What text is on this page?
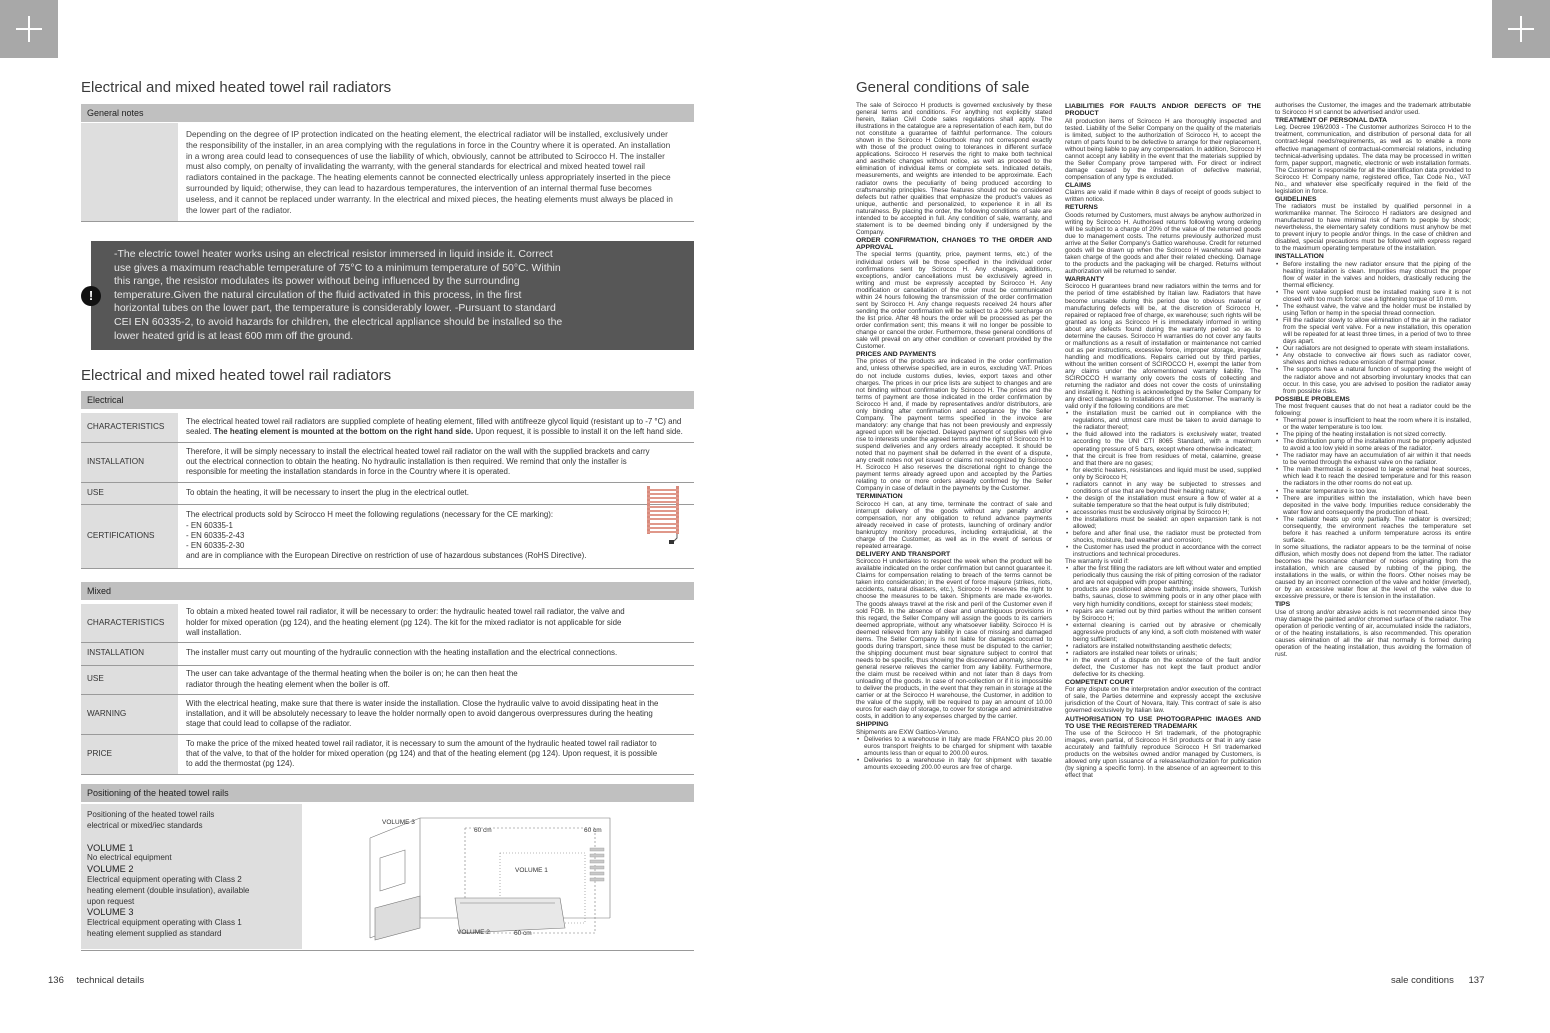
Electrical and mixed heated towel rail radiators
General notes
Depending on the degree of IP protection indicated on the heating element, the electrical radiator will be installed, exclusively under the responsibility of the installer, in an area complying with the regulations in force in the Country where it is operated. An installation in a wrong area could lead to consequences of use the liability of which, obviously, cannot be attributed to Scirocco H. The installer must also comply, on penalty of invalidating the warranty, with the general standards for electrical and mixed heated towel rail radiators contained in the package. The heating elements cannot be connected electrically unless appropriately inserted in the piece surrounded by liquid; otherwise, they can lead to hazardous temperatures, the intervention of an internal thermal fuse becomes useless, and it cannot be replaced under warranty. In the electrical and mixed pieces, the heating elements must always be placed in the lower part of the radiator.
-The electric towel heater works using an electrical resistor immersed in liquid inside it. Correct use gives a maximum reachable temperature of 75°C to a minimum temperature of 50°C. Within this range, the resistor modulates its power without being influenced by the surrounding temperature.Given the natural circulation of the fluid activated in this process, in the first horizontal tubes on the lower part, the temperature is considerably lower. -Pursuant to standard CEI EN 60335-2, to avoid hazards for children, the electrical appliance should be installed so the lower heated grid is at least 600 mm off the ground.
!
Electrical and mixed heated towel rail radiators
Electrical
CHARACTERISTICS	The electrical heated towel rail radiators are supplied complete of heating element, filled with antifreeze glycol liquid (resistant up to -7 °C) and sealed. The heating element is mounted at the bottom on the right hand side. Upon request, it is possible to install it on the left hand side.
INSTALLATION	Therefore, it will be simply necessary to install the electrical heated towel rail radiator on the wall with the supplied brackets and carry out the electrical connection to obtain the heating. No hydraulic installation is then required. We remind that only the installer is responsible for meeting the installation standards in force in the Country where it is operated.
USE	To obtain the heating, it will be necessary to insert the plug in the electrical outlet.
CERTIFICATIONS	The electrical products sold by Scirocco H meet the following regulations (necessary for the CE marking):
- EN 60335-1
- EN 60335-2-43
- EN 60335-2-30
and are in compliance with the European Directive on restriction of use of hazardous substances (RoHS Directive).
Mixed
CHARACTERISTICS	To obtain a mixed heated towel rail radiator, it will be necessary to order: the hydraulic heated towel rail radiator, the valve and holder for mixed operation (pg 124), and the heating element (pg 124). The kit for the mixed radiator is not applicable for side wall installation.
INSTALLATION	The installer must carry out mounting of the hydraulic connection with the heating installation and the electrical connections.
USE	The user can take advantage of the thermal heating when the boiler is on; he can then heat the radiator through the heating element when the boiler is off.
WARNING	With the electrical heating, make sure that there is water inside the installation. Close the hydraulic valve to avoid dissipating heat in the installation, and it will be absolutely necessary to leave the holder normally open to avoid dangerous overpressures during the heating stage that could lead to collapse of the radiator.
PRICE	To make the price of the mixed heated towel rail radiator, it is necessary to sum the amount of the hydraulic heated towel rail radiator to that of the valve, to that of the holder for mixed operation (pg 124) and that of the heating element (pg 124). Upon request, it is possible to add the thermostat (pg 124).
Positioning of the heated towel rails
Positioning of the heated towel rails electrical or mixed/iec standards
VOLUME 1
No electrical equipment
VOLUME 2
Electrical equipment operating with Class 2 heating element (double insulation), available upon request
VOLUME 3
Electrical equipment operating with Class 1 heating element supplied as standard
VOLUME 3
VOLUME 1
VOLUME 2
60 cm	60 cm
60 cm
136 technical details
General conditions of sale

The sale of Scirocco H products is governed exclusively by these general terms and conditions. For anything not explicitly stated herein, Italian Civil Code sales regulations shall apply. The illustrations in the catalogue are a representation of each item, but do not constitute a guarantee of faithful performance. The colours shown in the Scirocco H Colourbook may not correspond exactly with those of the product owing to tolerances in different surface applications. Scirocco H reserves the right to make both technical and aesthetic changes without notice, as well as proceed to the elimination of individual items or complete sets. Indicated details, measurements, and weights are intended to be approximate. Each radiator owns the peculiarity of being produced according to craftsmanship principles. These features should not be considered defects but rather qualities that emphasize the product's values as unique, authentic and personalized, to experience it in all its naturalness. By placing the order, the following conditions of sale are intended to be accepted in full. Any condition of sale, warranty, and statement is to be deemed binding only if undersigned by the Company.

ORDER CONFIRMATION, CHANGES TO THE ORDER AND APPROVAL

The special terms (quantity, price, payment terms, etc.) of the individual orders will be those specified in the individual order confirmations sent by Scirocco H. Any changes, additions, exceptions, and/or cancellations must be exclusively agreed in writing and must be expressly accepted by Scirocco H. Any modification or cancellation of the order must be communicated within 24 hours following the transmission of the order confirmation sent by Scirocco H. Any change requests received 24 hours after sending the order confirmation will be subject to a 20% surcharge on the list price. After 48 hours the order will be processed as per the order confirmation sent; this means it will no longer be possible to change or cancel the order. Furthermore, these general conditions of sale will prevail on any other condition or covenant provided by the Customer.

PRICES AND PAYMENTS

The prices of the products are indicated in the order confirmation and, unless otherwise specified, are in euros, excluding VAT. Prices do not include customs duties, levies, export taxes and other charges. The prices in our price lists are subject to changes and are not binding without confirmation by Scirocco H. The prices and the terms of payment are those indicated in the order confirmation by Scirocco H and, if made by representatives and/or distributors, are only binding after confirmation and acceptance by the Seller Company. The payment terms specified in the invoice are mandatory: any change that has not been previously and expressly agreed upon will be rejected. Delayed payment of supplies will give rise to interests under the agreed terms and the right of Scirocco H to suspend deliveries and any orders already accepted. It should be noted that no payment shall be deferred in the event of a dispute, any credit notes not yet issued or claims not recognized by Scirocco H. Scirocco H also reserves the discretional right to change the payment terms already agreed upon and accepted by the Parties relating to one or more orders already confirmed by the Seller Company in case of default in the payments by the Customer.

TERMINATION

Scirocco H can, at any time, terminate the contract of sale and interrupt delivery of the goods without any penalty and/or compensation, nor any obligation to refund advance payments already received in case of protests, launching of ordinary and/or bankruptcy monitory procedures, including extrajudicial, at the charge of the Customer, as well as in the event of serious or repeated arrearage.

DELIVERY AND TRANSPORT

Scirocco H undertakes to respect the week when the product will be available indicated on the order confirmation but cannot guarantee it. Claims for compensation relating to breach of the terms cannot be taken into consideration; in the event of force majeure (strikes, riots, accidents, natural disasters, etc.), Scirocco H reserves the right to choose the measures to be taken. Shipments are made ex-works. The goods always travel at the risk and peril of the Customer even if sold FOB. In the absence of clear and unambiguous provisions in this regard, the Seller Company will assign the goods to its carriers deemed appropriate, without any whatsoever liability. Scirocco H is deemed relieved from any liability in case of missing and damaged items. The Seller Company is not liable for damages occurred to goods during transport, since these must be disputed to the carrier; the shipping document must bear signature subject to control that needs to be specific, thus showing the discovered anomaly, since the general reserve relieves the carrier from any liability. Furthermore, the claim must be received within and not later than 8 days from unloading of the goods. In case of non-collection or if it is impossible to deliver the products, in the event that they remain in storage at the carrier or at the Scirocco H warehouse, the Customer, in addition to the value of the supply, will be required to pay an amount of 10.00 euros for each day of storage, to cover for storage and administrative costs, in addition to any expenses charged by the carrier.

SHIPPING

Shipments are EXW Gattico-Veruno.

• Deliveries to a warehouse in Italy are made FRANCO plus 20.00 euros transport freights to be charged for shipment with taxable amounts less than or equal to 200.00 euros.
• Deliveries to a warehouse in Italy for shipment with taxable amounts exceeding 200.00 euros are free of charge.
LIABILITIES FOR FAULTS AND/OR DEFECTS OF THE PRODUCT

All production items of Scirocco H are thoroughly inspected and tested. Liability of the Seller Company on the quality of the materials is limited, subject to the authorization of Scirocco H, to accept the return of parts found to be defective to arrange for their replacement, without being liable to pay any compensation. In addition, Scirocco H cannot accept any liability in the event that the materials supplied by the Seller Company prove tampered with. For direct or indirect damage caused by the installation of defective material, compensation of any type is excluded.

CLAIMS

Claims are valid if made within 8 days of receipt of goods subject to written notice.

RETURNS

Goods returned by Customers, must always be anyhow authorized in writing by Scirocco H. Authorised returns following wrong ordering will be subject to a charge of 20% of the value of the returned goods due to management costs. The returns previously authorized must arrive at the Seller Company's Gattico warehouse. Credit for returned goods will be drawn up when the Scirocco H warehouse will have taken charge of the goods and after their related checking. Damage to the products and the packaging will be charged. Returns without authorization will be returned to sender.

WARRANTY

Scirocco H guarantees brand new radiators within the terms and for the period of time established by Italian law. Radiators that have become unusable during this period due to obvious material or manufacturing defects will be, at the discretion of Scirocco H, repaired or replaced free of charge, ex warehouse; such rights will be granted as long as Scirocco H is immediately informed in writing about any defects found during the warranty period so as to determine the causes. Scirocco H warranties do not cover any faults or malfunctions as a result of installation or maintenance not carried out as per instructions, excessive force, improper storage, irregular handling and modifications. Repairs carried out by third parties, without the written consent of SCIROCCO H, exempt the latter from any claims under the aforementioned warranty liability. The SCIROCCO H warranty only covers the costs of collecting and returning the radiator and does not cover the costs of uninstalling and installing it. Nothing is acknowledged by the Seller Company for any direct damages to installations of the Customer. The warranty is valid only if the following conditions are met:

• the installation must be carried out in compliance with the regulations, and utmost care must be taken to avoid damage to the radiator thereof;
• the fluid allowed into the radiators is exclusively water, treated according to the UNI CTI 8065 Standard, with a maximum operating pressure of 5 bars, except where otherwise indicated;
• that the circuit is free from residues of metal, calamine, grease and that there are no gases;
• for electric heaters, resistances and liquid must be used, supplied only by Scirocco H;
• radiators cannot in any way be subjected to stresses and conditions of use that are beyond their heating nature;
• the design of the installation must ensure a flow of water at a suitable temperature so that the heat output is fully distributed;
• accessories must be exclusively original by Scirocco H;
• the installations must be sealed: an open expansion tank is not allowed;
• before and after final use, the radiator must be protected from shocks, moisture, bad weather and corrosion;
• the Customer has used the product in accordance with the correct instructions and technical procedures.

The warranty is void if:

• after the first filling the radiators are left without water and emptied periodically thus causing the risk of pitting corrosion of the radiator and are not equipped with proper earthing;
• products are positioned above bathtubs, inside showers, Turkish baths, saunas, close to swimming pools or in any other place with very high humidity conditions, except for stainless steel models;
• repairs are carried out by third parties without the written consent by Scirocco H;
• external cleaning is carried out by abrasive or chemically aggressive products of any kind, a soft cloth moistened with water being sufficient;
• radiators are installed notwithstanding aesthetic defects;
• radiators are installed near toilets or urinals;
• in the event of a dispute on the existence of the fault and/or defect, the Customer has not kept the fault product and/or defective for its checking.
COMPETENT COURT

For any dispute on the interpretation and/or execution of the contract of sale, the Parties determine and expressly accept the exclusive jurisdiction of the Court of Novara, Italy. This contract of sale is also governed exclusively by Italian law.

AUTHORISATION TO USE PHOTOGRAPHIC IMAGES AND TO USE THE REGISTERED TRADEMARK

The use of the Scirocco H Srl trademark, of the photographic images, even partial, of Scirocco H Srl products or that in any case accurately and faithfully reproduce Scirocco H Srl trademarked products on the websites owned and/or managed by Customers, is allowed only upon issuance of a release/authorization for publication (by signing a specific form). In the absence of an agreement to this effect that

authorises the Customer, the images and the trademark attributable to Scirocco H srl cannot be advertised and/or used.

TREATMENT OF PERSONAL DATA

Leg. Decree 196/2003 - The Customer authorizes Scirocco H to the treatment, communication, and distribution of personal data for all contract-legal needs/requirements, as well as to enable a more effective management of contractual-commercial relations, including technical-advertising updates. The data may be processed in written form, paper support, magnetic, electronic or web installation formats. The Customer is responsible for all the identification data provided to Scirocco H: Company name, registered office, Tax Code No., VAT No., and whatever else specifically required in the field of the legislation in force.

GUIDELINES

The radiators must be installed by qualified personnel in a workmanlike manner. The Scirocco H radiators are designed and manufactured to have minimal risk of harm to people by shock; nevertheless, the elementary safety conditions must anyhow be met to prevent injury to people and/or things. In the case of children and disabled, special precautions must be followed with express regard to the maximum operating temperature of the installation.

INSTALLATION
• Before installing the new radiator ensure that the piping of the heating installation is clean. Impurities may obstruct the proper flow of water in the valves and holders, drastically reducing the thermal efficiency.
• The vent valve supplied must be installed making sure it is not closed with too much force: use a tightening torque of 10 mm.
• The exhaust valve, the valve and the holder must be installed by using Teflon or hemp in the special thread connection.
• Fill the radiator slowly to allow elimination of the air in the radiator from the special vent valve. For a new installation, this operation will be repeated for at least three times, in a period of two to three days apart.
• Our radiators are not designed to operate with steam installations.
• Any obstacle to convective air flows such as radiator cover, shelves and niches reduce emission of thermal power.
• The supports have a natural function of supporting the weight of the radiator above and not absorbing involuntary knocks that can occur. In this case, you are advised to position the radiator away from possible risks.
POSSIBLE PROBLEMS

The most frequent causes that do not heat a radiator could be the following:

• Thermal power is insufficient to heat the room where it is installed, or the water temperature is too low.
• The piping of the heating installation is not sized correctly.
• The distribution pump of the installation must be properly adjusted to avoid a too low yield in some areas of the radiator.
• The radiator may have an accumulation of air within it that needs to be vented through the exhaust valve on the radiator.
• The main thermostat is exposed to large external heat sources, which lead it to reach the desired temperature and for this reason the radiators in the other rooms do not eat up.
• The water temperature is too low.
• There are impurities within the installation, which have been deposited in the valve body. Impurities reduce considerably the water flow and consequently the production of heat.
• The radiator heats up only partially. The radiator is oversized; consequently, the environment reaches the temperature set before it has reached a uniform temperature across its entire surface.

In some situations, the radiator appears to be the terminal of noise diffusion, which mostly does not depend from the latter. The radiator becomes the resonance chamber of noises originating from the installation, which are caused by rubbing of the piping, the installations in the walls, or within the floors. Other noises may be caused by an incorrect connection of the valve and holder (inverted), or by an excessive water flow at the level of the valve due to excessive pressure, or there is tension in the installation.

TIPS

Use of strong and/or abrasive acids is not recommended since they may damage the painted and/or chromed surface of the radiator. The operation of periodic venting of air, accumulated inside the radiators, or of the heating installations, is also recommended. This operation causes elimination of all the air that normally is formed during operation of the heating installation, thus avoiding the formation of rust.

sale conditions 137
